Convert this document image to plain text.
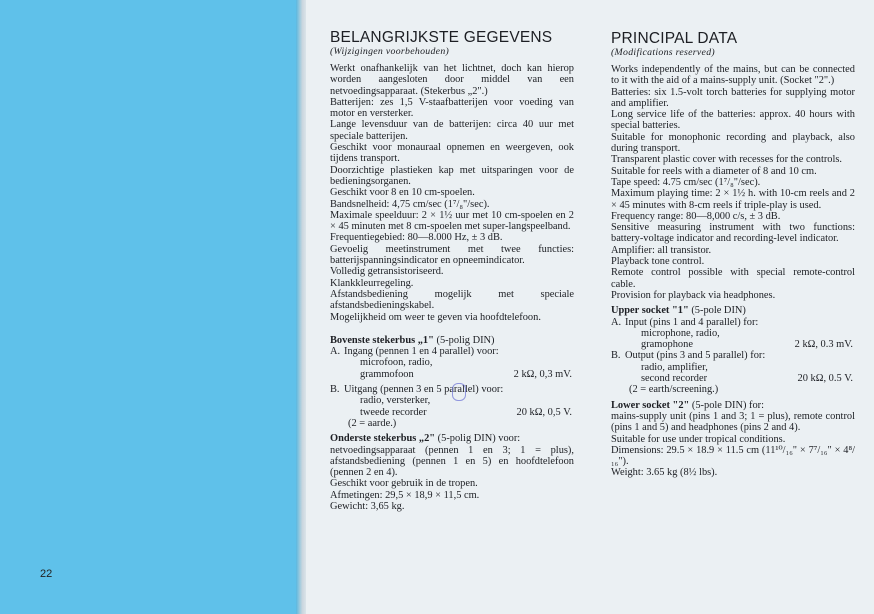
22
BELANGRIJKSTE GEGEVENS
(Wijzigingen voorbehouden)

Werkt onafhankelijk van het lichtnet, doch kan hierop worden aangesloten door middel van een netvoedingsapparaat. (Stekerbus „2".)

Batterijen: zes 1,5 V-staafbatterijen voor voeding van motor en versterker.

Lange levensduur van de batterijen: circa 40 uur met speciale batterijen.

Geschikt voor monauraal opnemen en weergeven, ook tijdens transport.

Doorzichtige plastieken kap met uitsparingen voor de bedieningsorganen.

Geschikt voor 8 en 10 cm-spoelen.

Bandsnelheid: 4,75 cm/sec (1⁷/₈"/sec).

Maximale speelduur: 2 × 1½ uur met 10 cm-spoelen en 2 × 45 minuten met 8 cm-spoelen met super-langspeelband.

Frequentiegebied: 80—8.000 Hz, ± 3 dB.

Gevoelig meetinstrument met twee functies: batterijspanningsindicator en opneemindicator.

Volledig getransistoriseerd.

Klankkleurregeling.

Afstandsbediening mogelijk met speciale afstandsbedieningskabel.

Mogelijkheid om weer te geven via hoofdtelefoon.

Bovenste stekerbus „1" (5-polig DIN)
A. Ingang (pennen 1 en 4 parallel) voor:
microfoon, radio,
grammofoon	2 kΩ, 0,3 mV.
B. Uitgang (pennen 3 en 5 parallel) voor:
radio, versterker,
tweede recorder	20 kΩ, 0,5 V.
(2 = aarde.)
Onderste stekerbus „2" (5-polig DIN) voor:

netvoedingsapparaat (pennen 1 en 3; 1 = plus), afstandsbediening (pennen 1 en 5) en hoofdtelefoon (pennen 2 en 4).

Geschikt voor gebruik in de tropen.

Afmetingen: 29,5 × 18,9 × 11,5 cm.

Gewicht: 3,65 kg.

PRINCIPAL DATA
(Modifications reserved)

Works independently of the mains, but can be connected to it with the aid of a mains-supply unit. (Socket "2".)

Batteries: six 1.5-volt torch batteries for supplying motor and amplifier.

Long service life of the batteries: approx. 40 hours with special batteries.

Suitable for monophonic recording and playback, also during transport.

Transparent plastic cover with recesses for the controls.

Suitable for reels with a diameter of 8 and 10 cm.

Tape speed: 4.75 cm/sec (1⁷/₈"/sec).

Maximum playing time: 2 × 1½ h. with 10-cm reels and 2 × 45 minutes with 8-cm reels if triple-play is used.

Frequency range: 80—8,000 c/s, ± 3 dB.

Sensitive measuring instrument with two functions: battery-voltage indicator and recording-level indicator.

Amplifier: all transistor.

Playback tone control.

Remote control possible with special remote-control cable.

Provision for playback via headphones.

Upper socket "1" (5-pole DIN)
A. Input (pins 1 and 4 parallel) for:
microphone, radio,
gramophone	2 kΩ, 0.3 mV.
B. Output (pins 3 and 5 parallel) for:
radio, amplifier,
second recorder	20 kΩ, 0.5 V.
(2 = earth/screening.)
Lower socket "2" (5-pole DIN) for:

mains-supply unit (pins 1 and 3; 1 = plus), remote control (pins 1 and 5) and headphones (pins 2 and 4).

Suitable for use under tropical conditions.

Dimensions: 29.5 × 18.9 × 11.5 cm (11¹⁰/₁₆" × 7⁷/₁₆" × 4⁸/₁₆").

Weight: 3.65 kg (8½ lbs).
